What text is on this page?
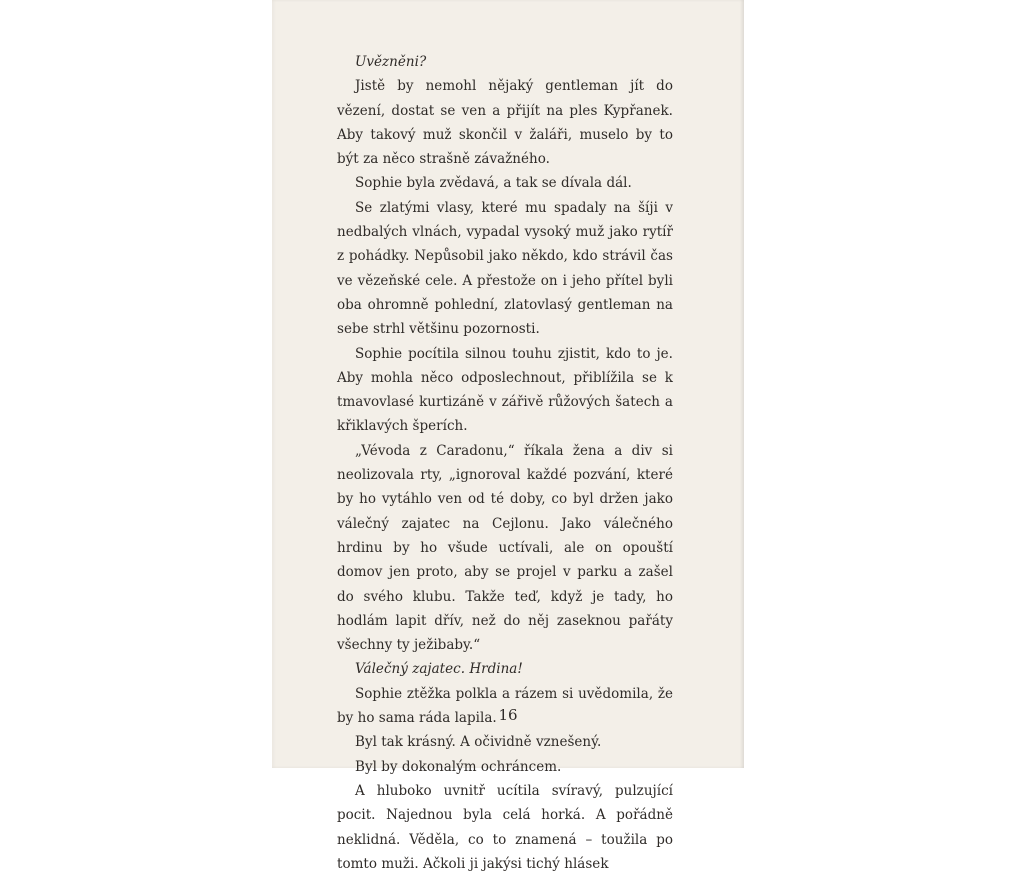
Uvězněni?

Jistě by nemohl nějaký gentleman jít do vězení, dostat se ven a přijít na ples Kypřanek. Aby takový muž skončil v žaláři, muselo by to být za něco strašně závažného.

Sophie byla zvědavá, a tak se dívala dál.

Se zlatými vlasy, které mu spadaly na šíji v nedbalých vlnách, vypadal vysoký muž jako rytíř z pohádky. Nepůsobil jako někdo, kdo strávil čas ve vězeňské cele. A přestože on i jeho přítel byli oba ohromně pohlední, zlatovlasý gentleman na sebe strhl většinu pozornosti.

Sophie pocítila silnou touhu zjistit, kdo to je. Aby mohla něco odposlechnout, přiblížila se k tmavovlasé kurtizáně v zářivě růžových šatech a křiklavých šperích.

„Vévoda z Caradonu,“ říkala žena a div si neolizovala rty, „ignoroval každé pozvání, které by ho vytáhlo ven od té doby, co byl držen jako válečný zajatec na Cejlonu. Jako válečného hrdinu by ho všude uctívali, ale on opouští domov jen proto, aby se projel v parku a zašel do svého klubu. Takže teď, když je tady, ho hodlám lapit dřív, než do něj zaseknou pařáty všechny ty ježibaby.“

Válečný zajatec. Hrdina!

Sophie ztěžka polkla a rázem si uvědomila, že by ho sama ráda lapila.

Byl tak krásný. A očividně vznešený.

Byl by dokonalým ochráncem.

A hluboko uvnitř ucítila svíravý, pulzující pocit. Najednou byla celá horká. A pořádně neklidná. Věděla, co to znamená – toužila po tomto muži. Ačkoli ji jakýsi tichý hlásek

16
